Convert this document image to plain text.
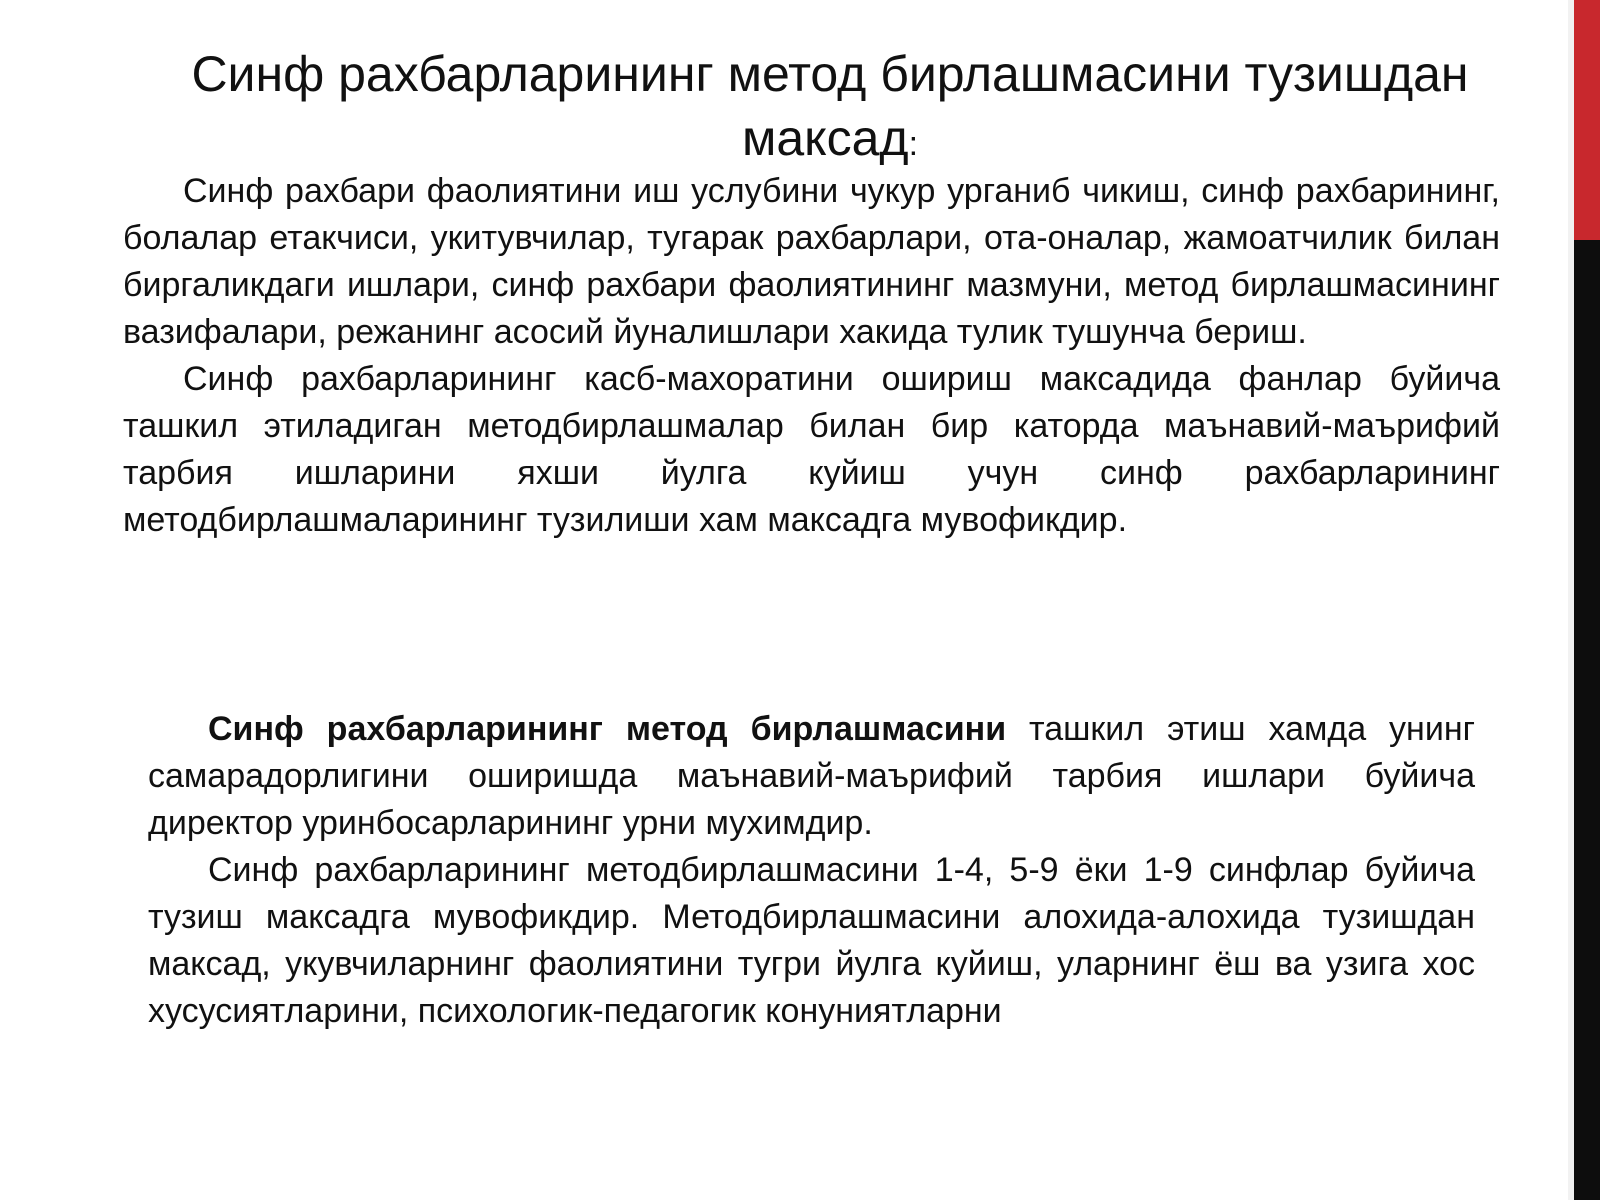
Синф рахбарларининг метод бирлашмасини тузишдан максад:

Синф рахбари фаолиятини иш услубини чукур урганиб чикиш, синф рахбарининг, болалар етакчиси, укитувчилар, тугарак рахбарлари, ота-оналар, жамоатчилик билан биргаликдаги ишлари, синф рахбари фаолиятининг мазмуни, метод бирлашмасининг вазифалари, режанинг асосий йуналишлари хакида тулик тушунча бериш.

Синф рахбарларининг касб-махоратини ошириш максадида фанлар буйича ташкил этиладиган методбирлашмалар билан бир каторда маънавий-маърифий тарбия ишларини яхши йулга куйиш учун синф рахбарларининг методбирлашмаларининг тузилиши хам максадга мувофикдир.

Синф рахбарларининг метод бирлашмасини ташкил этиш хамда унинг самарадорлигини оширишда маънавий-маърифий тарбия ишлари буйича директор уринбосарларининг урни мухимдир.

Синф рахбарларининг методбирлашмасини 1-4, 5-9 ёки 1-9 синфлар буйича тузиш максадга мувофикдир. Методбирлашмасини алохида-алохида тузишдан максад, укувчиларнинг фаолиятини тугри йулга куйиш, уларнинг ёш ва узига хос хусусиятларини, психологик-педагогик конуниятларни
